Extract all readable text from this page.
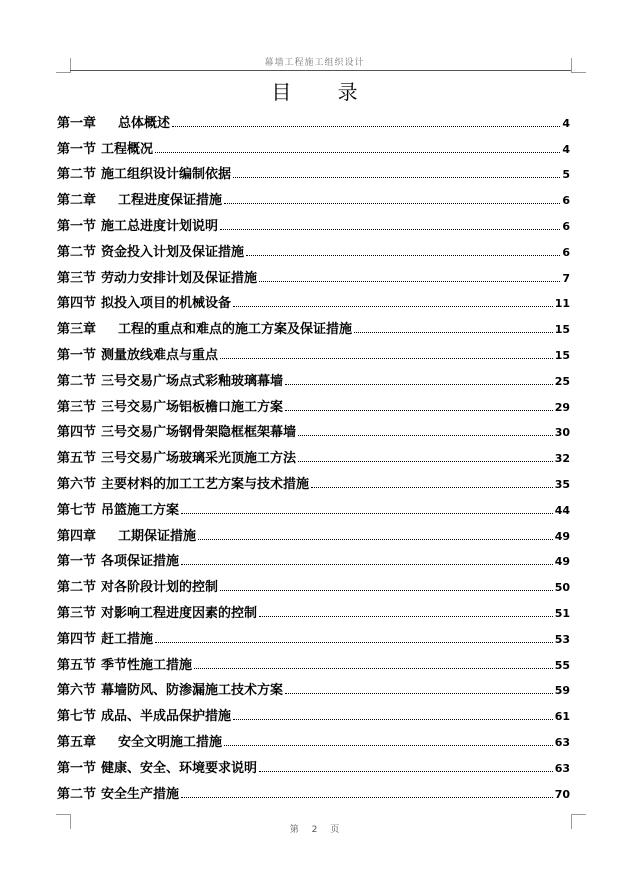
幕墙工程施工组织设计
目 录
第一章 总体概述	4
第一节 工程概况	4
第二节 施工组织设计编制依据	5
第二章 工程进度保证措施	6
第一节 施工总进度计划说明	6
第二节 资金投入计划及保证措施	6
第三节 劳动力安排计划及保证措施	7
第四节 拟投入项目的机械设备	11
第三章 工程的重点和难点的施工方案及保证措施	15
第一节 测量放线难点与重点	15
第二节 三号交易广场点式彩釉玻璃幕墙	25
第三节 三号交易广场铝板檐口施工方案	29
第四节 三号交易广场钢骨架隐框框架幕墙	30
第五节 三号交易广场玻璃采光顶施工方法	32
第六节 主要材料的加工工艺方案与技术措施	35
第七节 吊篮施工方案	44
第四章 工期保证措施	49
第一节 各项保证措施	49
第二节 对各阶段计划的控制	50
第三节 对影响工程进度因素的控制	51
第四节 赶工措施	53
第五节 季节性施工措施	55
第六节 幕墙防风、防渗漏施工技术方案	59
第七节 成品、半成品保护措施	61
第五章 安全文明施工措施	63
第一节 健康、安全、环境要求说明	63
第二节 安全生产措施	70
第 2 页
